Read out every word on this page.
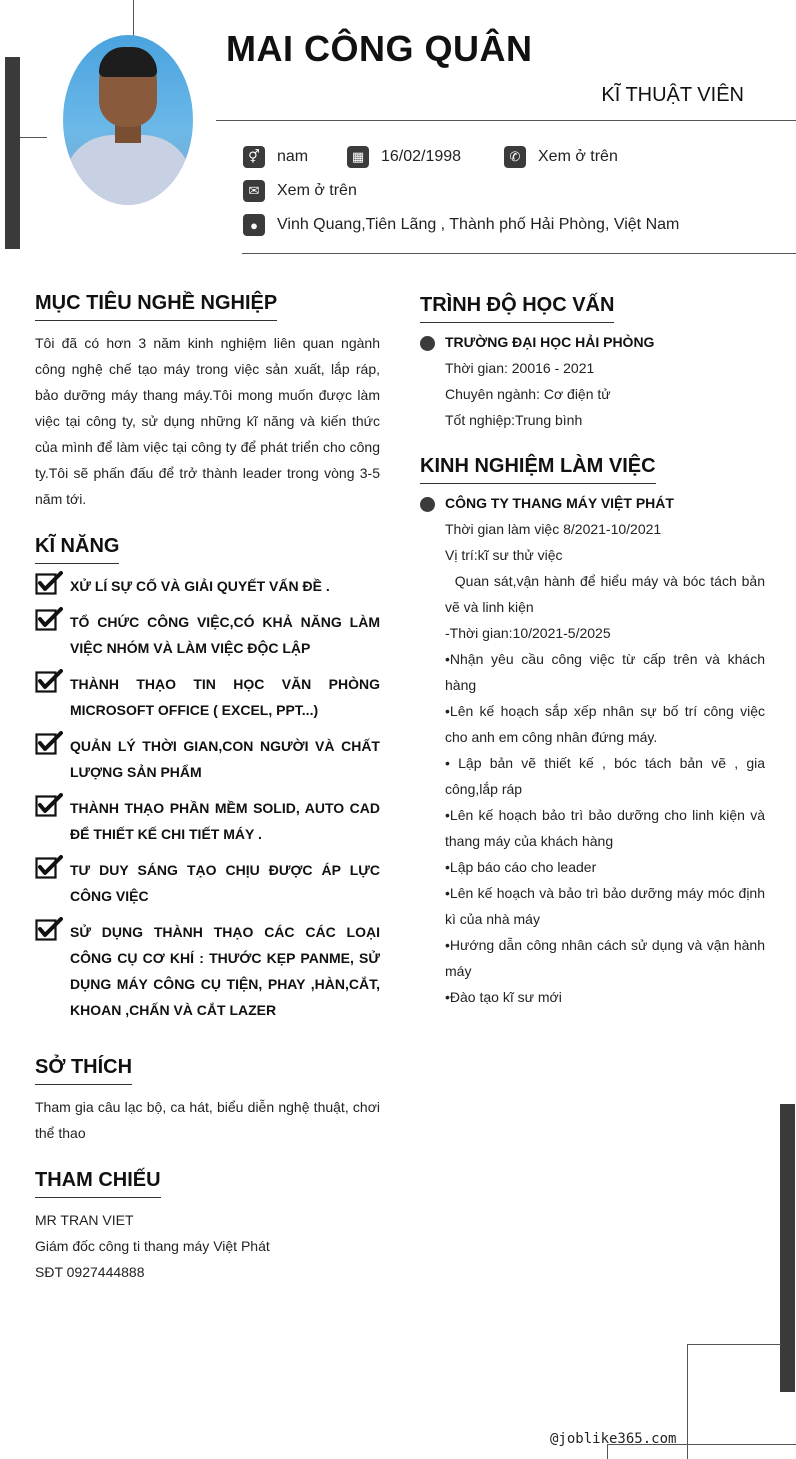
MAI CÔNG QUÂN
KĨ THUẬT VIÊN
⚥	nam	▦	16/02/1998	✆	Xem ở trên
✉	Xem ở trên
●	Vinh Quang,Tiên Lãng , Thành phố Hải Phòng, Việt Nam
MỤC TIÊU NGHỀ NGHIỆP
Tôi đã có hơn 3 năm kinh nghiệm liên quan ngành công nghệ chế tạo máy trong việc sản xuất, lắp ráp, bảo dưỡng máy thang máy.Tôi mong muốn được làm việc tại công ty, sử dụng những kĩ năng và kiến thức của mình để làm việc tại công ty để phát triển cho công ty.Tôi sẽ phấn đấu để trở thành leader trong vòng 3-5 năm tới.
KĨ NĂNG
XỬ LÍ SỰ CỐ VÀ GIẢI QUYẾT VẤN ĐỀ .
TỔ CHỨC CÔNG VIỆC,CÓ KHẢ NĂNG LÀM VIỆC NHÓM VÀ LÀM VIỆC ĐỘC LẬP
THÀNH THẠO TIN HỌC VĂN PHÒNG MICROSOFT OFFICE ( EXCEL, PPT...)
QUẢN LÝ THỜI GIAN,CON NGƯỜI VÀ CHẤT LƯỢNG SẢN PHẨM
THÀNH THẠO PHẦN MỀM SOLID, AUTO CAD ĐỂ THIẾT KẾ CHI TIẾT MÁY .
TƯ DUY SÁNG TẠO CHỊU ĐƯỢC ÁP LỰC CÔNG VIỆC
SỬ DỤNG THÀNH THẠO CÁC CÁC LOẠI CÔNG CỤ CƠ KHÍ : THƯỚC KẸP PANME, SỬ DỤNG MÁY CÔNG CỤ TIỆN, PHAY ,HÀN,CẮT, KHOAN ,CHẤN VÀ CẮT LAZER
SỞ THÍCH
Tham gia câu lạc bộ, ca hát, biểu diễn nghệ thuật, chơi thể thao
THAM CHIẾU
MR TRAN VIET
Giám đốc công ti thang máy Việt Phát
SĐT 0927444888
TRÌNH ĐỘ HỌC VẤN
TRƯỜNG ĐẠI HỌC HẢI PHÒNG
Thời gian: 20016 - 2021
Chuyên ngành: Cơ điện tử
Tốt nghiệp:Trung bình
KINH NGHIỆM LÀM VIỆC
CÔNG TY THANG MÁY VIỆT PHÁT
Thời gian làm việc 8/2021-10/2021
Vị trí:kĩ sư thử việc
Quan sát,vận hành để hiểu máy và bóc tách bản vẽ và linh kiện
-Thời gian:10/2021-5/2025
•Nhận yêu cầu công việc từ cấp trên và khách hàng
•Lên kế hoạch sắp xếp nhân sự bố trí công việc cho anh em công nhân đứng máy.
• Lập bản vẽ thiết kế , bóc tách bản vẽ , gia công,lắp ráp
•Lên kế hoạch bảo trì bảo dưỡng cho linh kiện và thang máy của khách hàng
•Lập báo cáo cho leader
•Lên kế hoạch và bảo trì bảo dưỡng máy móc định kì của nhà máy
•Hướng dẫn công nhân cách sử dụng và vận hành máy
•Đào tạo kĩ sư mới
@joblike365.com
